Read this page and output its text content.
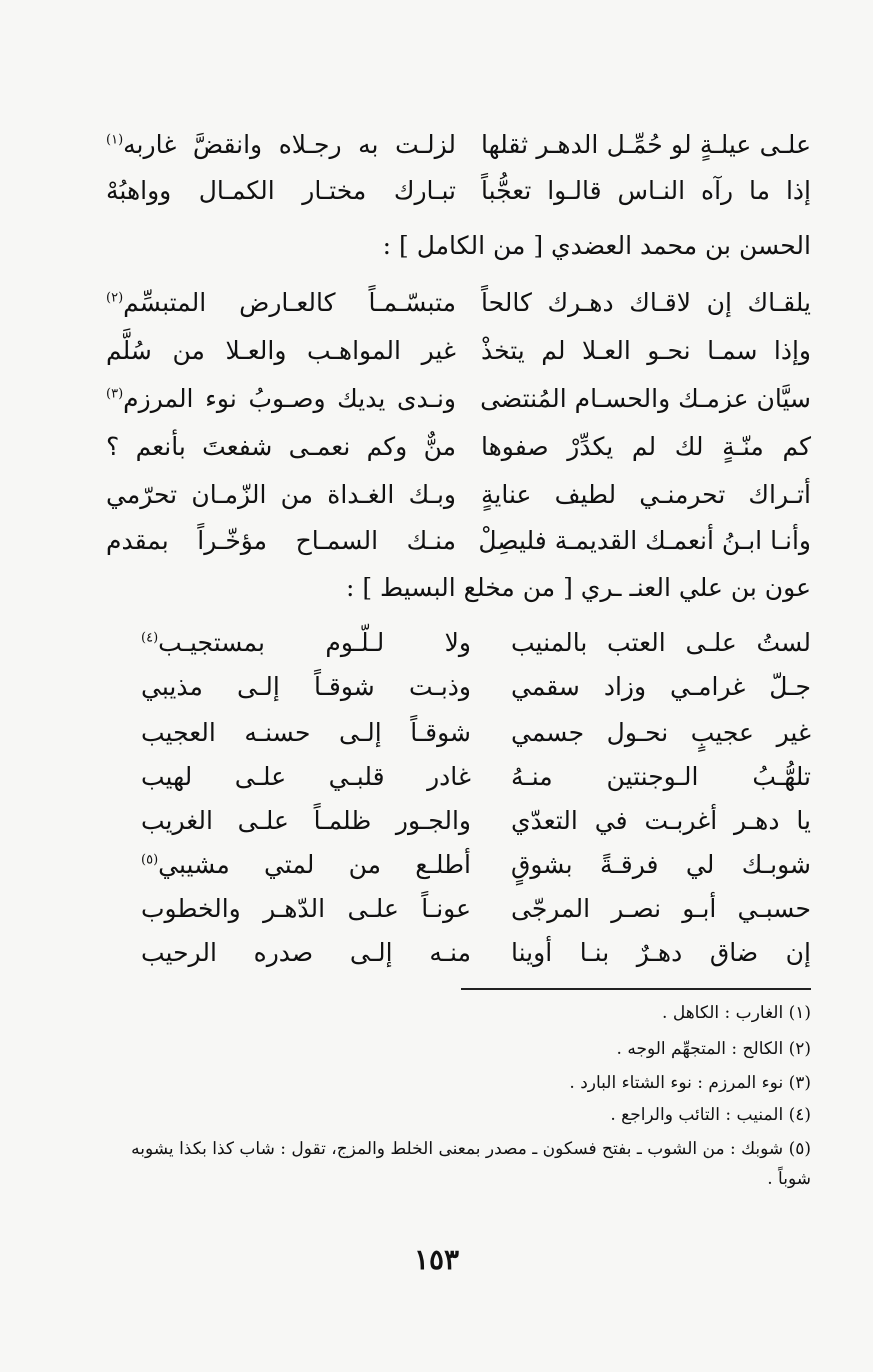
علـى عيلـةٍ لو حُمِّـل الدهـر ثقلها
لزلـت به رجـلاه وانقضَّ غاربه$^{(١)}$
إذا ما رآه النـاس قالـوا تعجُّباً
تبـارك مختـار الكمـال وواهبُهْ
الحسن بن محمد العضدي [ من الكامل ] :
يلقـاك إن لاقـاك دهـرك كالحاً
متبسّـمـاً كالعـارض المتبسِّم$^{(٢)}$
وإذا سمـا نحـو العـلا لم يتخذْ
غير المواهـب والعـلا من سُلَّم
سيَّان عزمـك والحسـام المُنتضى
ونـدى يديك وصـوبُ نوء المرزم$^{(٣)}$
كم منّـةٍ لك لم يكدِّرْ صفوها
منٌّ وكم نعمـى شفعتَ بأنعم ؟
أتـراك تحرمنـي لطيف عنايةٍ
وبـك الغـداة من الزّمـان تحرّمي
وأنـا ابـنُ أنعمـك القديمـة فليصِلْ
منـك السمـاح مؤخّـراً بمقدم
عون بن علي العنـ ـري [ من مخلع البسيط ] :
لستُ علـى العتب بالمنيب
ولا لـلّـوم بمستجيـب$^{(٤)}$
جـلّ غرامـي وزاد سقمي
وذبـت شوقـاً إلـى مذيبي
غير عجيبٍ نحـول جسمي
شوقـاً إلـى حسنـه العجيب
تلهُّـبُ الـوجنتين منـهُ
غادر قلبـي علـى لهيب
يا دهـر أغربـت في التعدّي
والجـور ظلمـاً علـى الغريب
شوبـك لي فرقـةً بشوقٍ
أطلـع من لمتي مشيبي$^{(٥)}$
حسبـي أبـو نصـر المرجّى
عونـاً علـى الدّهـر والخطوب
إن ضاق دهـرٌ بنـا أوينا
منـه إلـى صدره الرحيب
(١) الغارب : الكاهل .
(٢) الكالح : المتجهِّم الوجه .
(٣) نوء المرزم : نوء الشتاء البارد .
(٤) المنيب : التائب والراجع .
(٥) شوبك : من الشوب ـ بفتح فسكون ـ مصدر بمعنى الخلط والمزج، تقول : شاب كذا بكذا يشوبه شوباً .
١٥٣
